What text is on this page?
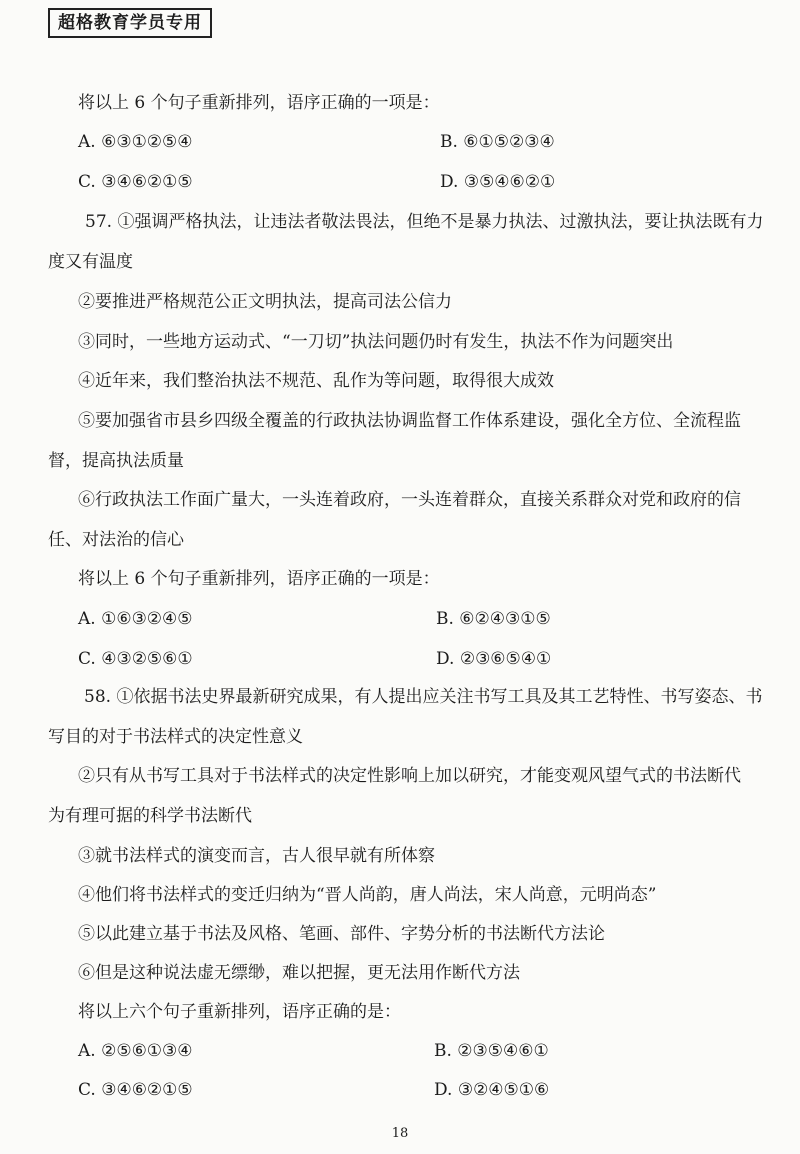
超格教育学员专用
将以上 6 个句子重新排列，语序正确的一项是：
A. ⑥③①②⑤④	B. ⑥①⑤②③④
C. ③④⑥②①⑤	D. ③⑤④⑥②①
57. ①强调严格执法，让违法者敬法畏法，但绝不是暴力执法、过激执法，要让执法既有力
度又有温度
②要推进严格规范公正文明执法，提高司法公信力
③同时，一些地方运动式、“一刀切”执法问题仍时有发生，执法不作为问题突出
④近年来，我们整治执法不规范、乱作为等问题，取得很大成效
⑤要加强省市县乡四级全覆盖的行政执法协调监督工作体系建设，强化全方位、全流程监
督，提高执法质量
⑥行政执法工作面广量大，一头连着政府，一头连着群众，直接关系群众对党和政府的信
任、对法治的信心
将以上 6 个句子重新排列，语序正确的一项是：
A. ①⑥③②④⑤	B. ⑥②④③①⑤
C. ④③②⑤⑥①	D. ②③⑥⑤④①
58. ①依据书法史界最新研究成果，有人提出应关注书写工具及其工艺特性、书写姿态、书
写目的对于书法样式的决定性意义
②只有从书写工具对于书法样式的决定性影响上加以研究，才能变观风望气式的书法断代
为有理可据的科学书法断代
③就书法样式的演变而言，古人很早就有所体察
④他们将书法样式的变迁归纳为“晋人尚韵，唐人尚法，宋人尚意，元明尚态”
⑤以此建立基于书法及风格、笔画、部件、字势分析的书法断代方法论
⑥但是这种说法虚无缥缈，难以把握，更无法用作断代方法
将以上六个句子重新排列，语序正确的是：
A. ②⑤⑥①③④	B. ②③⑤④⑥①
C. ③④⑥②①⑤	D. ③②④⑤①⑥
18
